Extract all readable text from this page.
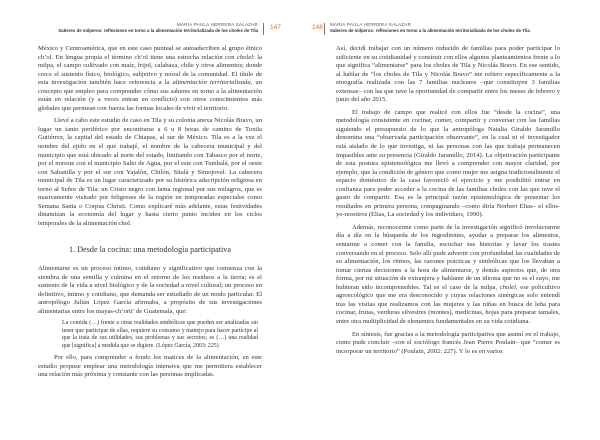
MARÍA PAULA HERRERA SALAZAR
Saberes de milperos: reflexiones en torno a la alimentación territorializada de los choles de Tila 147

México y Centroamérica, que en este caso puntual se autoadscriben al grupo étnico ch’ol. En lengua propia el término ch’ol tiene una estrecha relación con cholel: la milpa, el campo cultivado con maíz, frijol, calabaza, chile y otros alimentos; donde crece el sustento físico, biológico, subjetivo y moral de la comunidad. El título de esta investigación también hace referencia a la alimentación territorializada, un concepto que empleo para comprender cómo sus saberes en torno a la alimentación están en relación (y a veces entran en conflicto) con otros conocimientos más globales que permean con fuerza las formas locales de vivir el territorio.

Llevé a cabo este estudio de caso en Tila y su colonia anexa Nicolás Bravo, un lugar un tanto periférico por encontrarse a 6 u 8 horas de camino de Tuxtla Gutiérrez, la capital del estado de Chiapas, al sur de México. Tila es a la vez el nombre del ejido en el que trabajé, el nombre de la cabecera municipal y del municipio que está ubicado al norte del estado, limitando con Tabasco por el norte, por el noreste con el municipio Salto de Agua, por el este con Tumbalá, por el oeste con Sabanilla y por el sur con Yajalón, Chilón, Sitalá y Simojovel. La cabecera municipal de Tila es un lugar caracterizado por su histórica adscripción religiosa en torno al Señor de Tila: un Cristo negro con fama regional por sus milagros, que es masivamente visitado por feligreses de la región en temporadas especiales como Semana Santa o Corpus Christi. Como explicaré más adelante, estas festividades dinamizan la economía del lugar y hasta cierto punto inciden en los ciclos temporales de la alimentación chol.

1. Desde la cocina: una metodología participativa

Alimentarse es un proceso íntimo, cotidiano y significativo que comienza con la siembra de una semilla y culmina en el retorno de los residuos a la tierra; es el sustento de la vida a nivel biológico y de la sociedad a nivel cultural; un proceso en definitivo, íntimo y cotidiano, que demanda ser estudiado de un modo particular. El antropólogo Julián López García afirmaba, a propósito de sus investigaciones alimentarias entre los mayas-ch’orti’ de Guatemala, que:

La comida (…) frente a otras realidades simbólicas que pueden ser analizadas sin tener que participar de ellas, requiere su consumo y manejo para hacer partícipe al que la trata de sus utilidades, sus problemas y sus secretos; es (…) una realidad que [significa] a medida que se digiere. (López García, 2003: 225)

Por ello, para comprender a fondo los matices de la alimentación, en este estudio propuse emplear una metodología intensiva que me permitiera establecer una relación más próxima y constante con las personas implicadas.

148 MARÍA PAULA HERRERA SALAZAR
Saberes de milperos: reflexiones en torno a la alimentación territorializada de los choles de Tila

Así, decidí trabajar con un número reducido de familias para poder participar lo suficiente en su cotidianidad y construir con ellos algunos planteamientos frente a lo que significa “alimentarse” para los choles de Tila y Nicolás Bravo. En ese sentido, al hablar de “los choles de Tila y Nicolás Bravo” me refiero específicamente a la etnografía realizada con las 7 familias nucleares –que constituyen 3 familias extensas– con las que tuve la oportunidad de compartir entre los meses de febrero y junio del año 2015.

El trabajo de campo que realicé con ellos fue “desde la cocina”, una metodología consistente en cocinar, comer, compartir y conversar con las familias siguiendo el presupuesto de lo que la antropóloga Natalia Giraldo Jaramillo denomina una “observada participación observante”, en la cual ni el investigador está aislado de lo que investiga, ni las personas con las que trabaja permanecen impasibles ante su presencia (Giraldo Jaramillo, 2014). La objetivación participante de esta postura epistemológica me llevó a comprender con mayor claridad, por ejemplo, que la condición de género que como mujer me asigna tradicionalmente el espacio doméstico de la casa favoreció el ejercicio y me posibilitó entrar en confianza para poder acceder a la cocina de las familias choles con las que tuve el gusto de compartir. Esa es la principal razón epistemológica de presentar los resultados en primera persona, compaginando –como diría Norbert Elias– el ellos-yo-nosotros (Elias, La sociedad y los individuos, 1990).

Además, reconocerme como parte de la investigación significó involucrarme día a día en la búsqueda de los ingredientes, ayudar a preparar los alimentos, sentarme a comer con la familia, escuchar sus historias y lavar los trastes conversando en el proceso. Solo allí pude advertir con profundidad las cualidades de su alimentación, los ritmos, las razones prácticas y simbólicas que los llevaban a tomar ciertas decisiones a la hora de alimentarse, y demás aspectos que, de otra forma, por mi situación de extranjera y hablante de un idioma que no es el suyo, me hubieran sido incomprensibles. Tal es el caso de la milpa, cholel, ese policultivo agroecológico que me era desconocido y cuyas relaciones sinérgicas solo entendí tras las visitas que realizamos con las mujeres y las niñas en busca de leña para cocinar, frutas, verduras silvestres (montes), medicinas, hojas para preparar tamales, entre otra multiplicidad de elementos fundamentales en su vida cotidiana.

En síntesis, fue gracias a la metodología participativa que asumí en el trabajo, como pude concluir –con el sociólogo francés Jean Pierre Poulain– que “comer es incorporar un territorio” (Poulain, 2002: 227). Y lo es en varios
